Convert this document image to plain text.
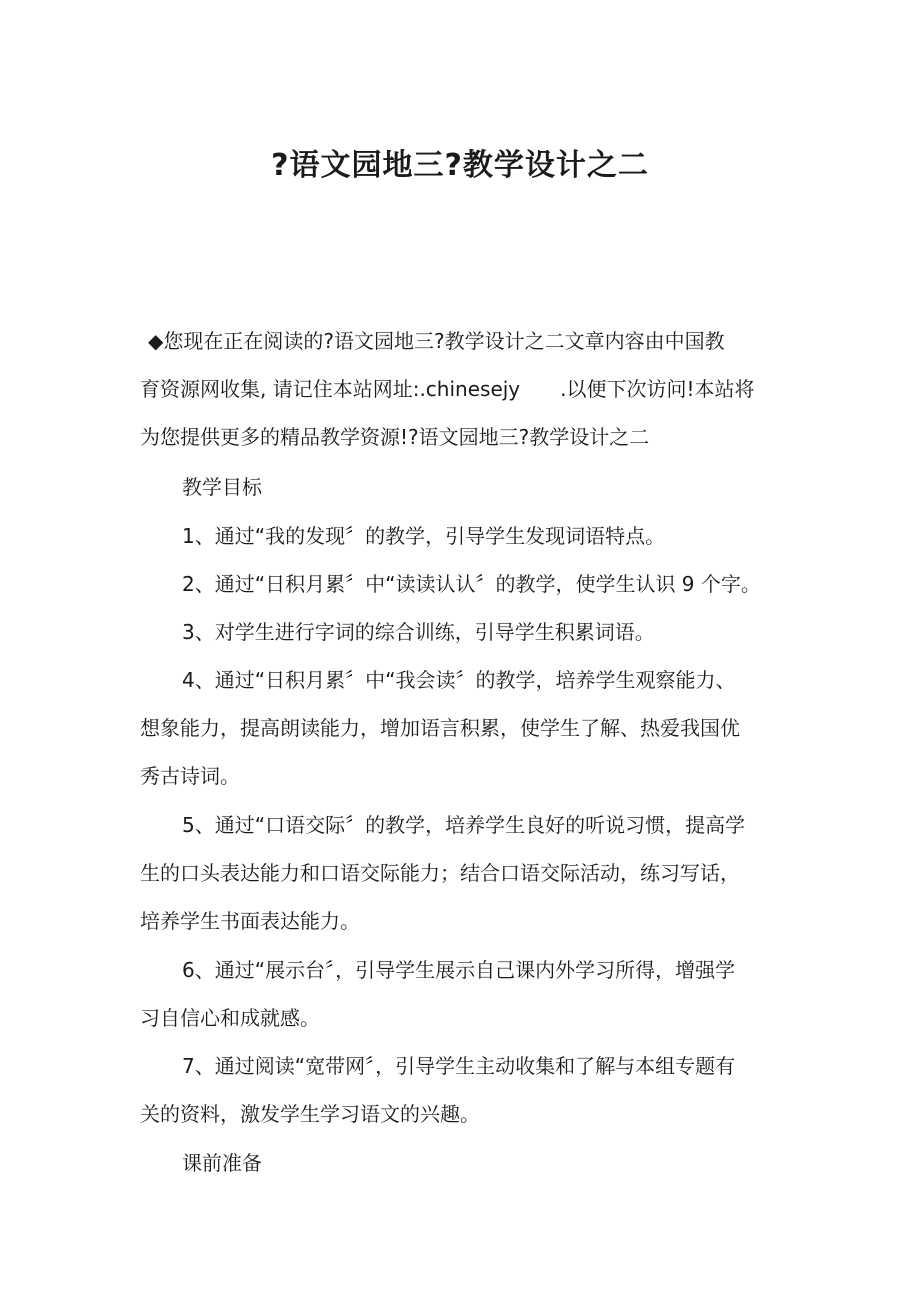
?语文园地三?教学设计之二
◆您现在正在阅读的?语文园地三?教学设计之二文章内容由中国教
育资源网收集, 请记住本站网址:.chinesejy .以便下次访问!本站将
为您提供更多的精品教学资源!?语文园地三?教学设计之二
教学目标
1、通过“我的发现〞的教学，引导学生发现词语特点。
2、通过“日积月累〞中“读读认认〞的教学，使学生认识 9 个字。
3、对学生进行字词的综合训练，引导学生积累词语。
4、通过“日积月累〞中“我会读〞的教学，培养学生观察能力、
想象能力，提高朗读能力，增加语言积累，使学生了解、热爱我国优
秀古诗词。
5、通过“口语交际〞的教学，培养学生良好的听说习惯，提高学
生的口头表达能力和口语交际能力；结合口语交际活动，练习写话，
培养学生书面表达能力。
6、通过“展示台〞，引导学生展示自己课内外学习所得，增强学
习自信心和成就感。
7、通过阅读“宽带网〞，引导学生主动收集和了解与本组专题有
关的资料，激发学生学习语文的兴趣。
课前准备
